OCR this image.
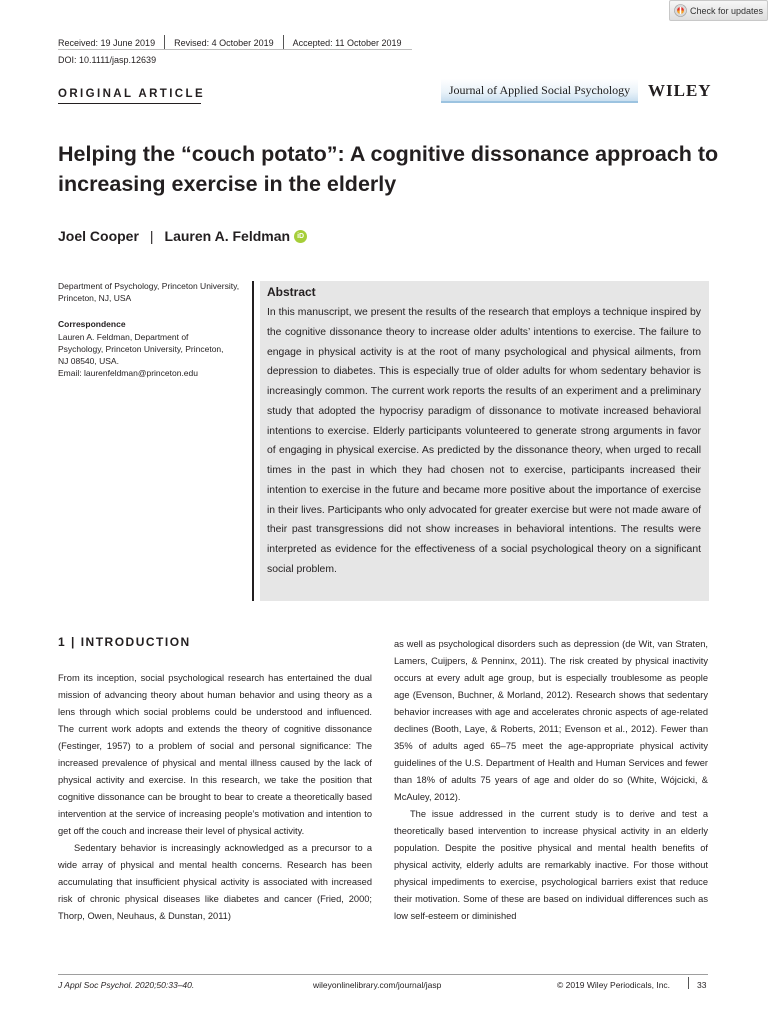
Check for updates
Received: 19 June 2019 Revised: 4 October 2019 Accepted: 11 October 2019
DOI: 10.1111/jasp.12639
ORIGINAL ARTICLE	Journal of Applied Social Psychology WILEY
Helping the “couch potato”: A cognitive dissonance approach to increasing exercise in the elderly
Joel Cooper | Lauren A. Feldman	iD
Department of Psychology, Princeton University, Princeton, NJ, USA
Correspondence
Lauren A. Feldman, Department of
Psychology, Princeton University, Princeton,
NJ 08540, USA.
Email: laurenfeldman@princeton.edu
Abstract
In this manuscript, we present the results of the research that employs a technique inspired by the cognitive dissonance theory to increase older adults’ intentions to exercise. The failure to engage in physical activity is at the root of many psychological and physical ailments, from depression to diabetes. This is especially true of older adults for whom sedentary behavior is increasingly common. The current work reports the results of an experiment and a preliminary study that adopted the hypocrisy paradigm of dissonance to motivate increased behavioral intentions to exercise. Elderly participants volunteered to generate strong arguments in favor of engaging in physical exercise. As predicted by the dissonance theory, when urged to recall times in the past in which they had chosen not to exercise, participants increased their intention to exercise in the future and became more positive about the importance of exercise in their lives. Participants who only advocated for greater exercise but were not made aware of their past transgressions did not show increases in behavioral intentions. The results were interpreted as evidence for the effectiveness of a social psychological theory on a significant social problem.
1 | INTRODUCTION

From its inception, social psychological research has entertained the dual mission of advancing theory about human behavior and using theory as a lens through which social problems could be understood and influenced. The current work adopts and extends the theory of cognitive dissonance (Festinger, 1957) to a problem of social and personal significance: The increased prevalence of physical and mental illness caused by the lack of physical activity and exercise. In this research, we take the position that cognitive dissonance can be brought to bear to create a theoretically based intervention at the service of increasing people’s motivation and intention to get off the couch and increase their level of physical activity.

Sedentary behavior is increasingly acknowledged as a precursor to a wide array of physical and mental health concerns. Research has been accumulating that insufficient physical activity is associated with increased risk of chronic physical diseases like diabetes and cancer (Fried, 2000; Thorp, Owen, Neuhaus, & Dunstan, 2011)

as well as psychological disorders such as depression (de Wit, van Straten, Lamers, Cuijpers, & Penninx, 2011). The risk created by physical inactivity occurs at every adult age group, but is especially troublesome as people age (Evenson, Buchner, & Morland, 2012). Research shows that sedentary behavior increases with age and accelerates chronic aspects of age-related declines (Booth, Laye, & Roberts, 2011; Evenson et al., 2012). Fewer than 35% of adults aged 65–75 meet the age-appropriate physical activity guidelines of the U.S. Department of Health and Human Services and fewer than 18% of adults 75 years of age and older do so (White, Wójcicki, & McAuley, 2012).

The issue addressed in the current study is to derive and test a theoretically based intervention to increase physical activity in an elderly population. Despite the positive physical and mental health benefits of physical activity, elderly adults are remarkably inactive. For those without physical impediments to exercise, psychological barriers exist that reduce their motivation. Some of these are based on individual differences such as low self-esteem or diminished

J Appl Soc Psychol. 2020;50:33–40.	wileyonlinelibrary.com/journal/jasp	© 2019 Wiley Periodicals, Inc.	33
